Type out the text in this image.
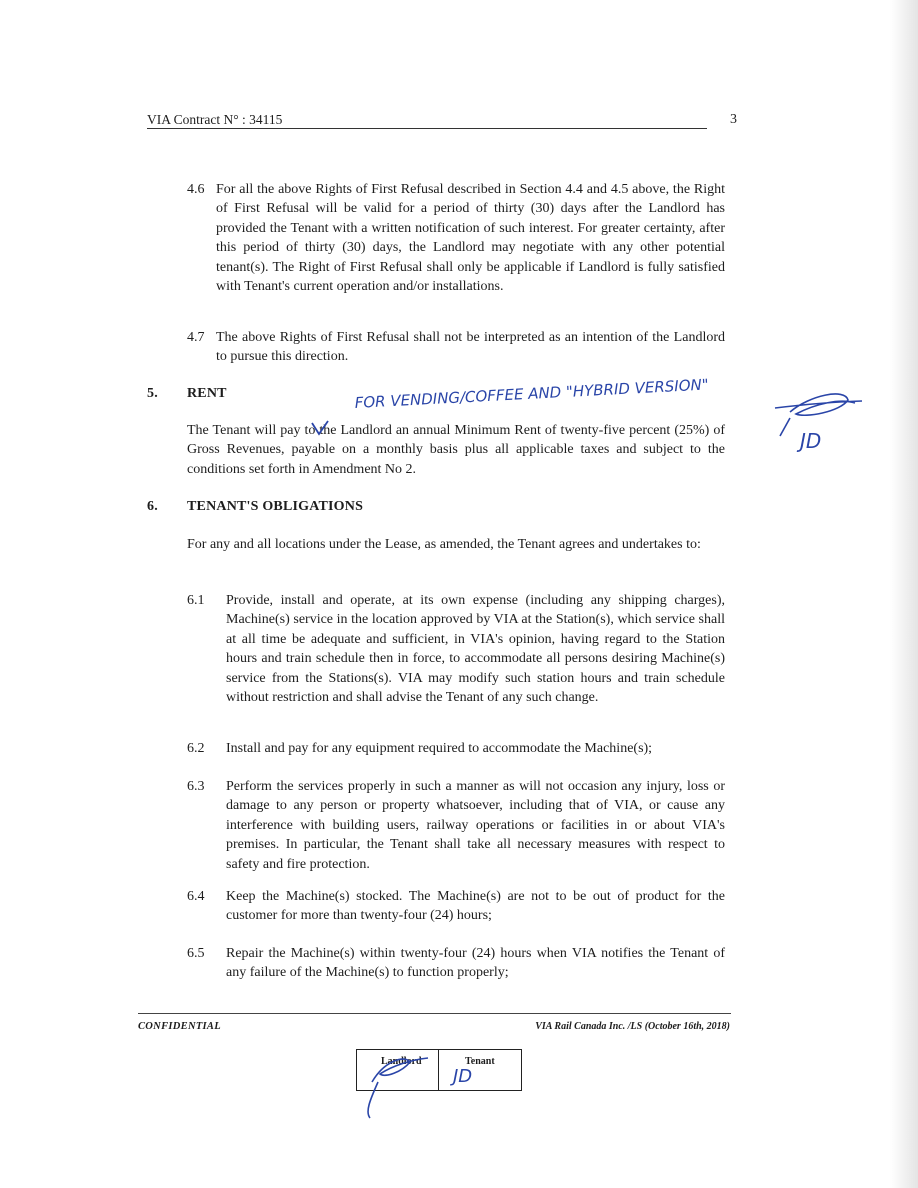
VIA Contract N° : 34115	3
4.6 For all the above Rights of First Refusal described in Section 4.4 and 4.5 above, the Right of First Refusal will be valid for a period of thirty (30) days after the Landlord has provided the Tenant with a written notification of such interest. For greater certainty, after this period of thirty (30) days, the Landlord may negotiate with any other potential tenant(s). The Right of First Refusal shall only be applicable if Landlord is fully satisfied with Tenant's current operation and/or installations.
4.7 The above Rights of First Refusal shall not be interpreted as an intention of the Landlord to pursue this direction.
5. RENT
The Tenant will pay to the Landlord an annual Minimum Rent of twenty-five percent (25%) of Gross Revenues, payable on a monthly basis plus all applicable taxes and subject to the conditions set forth in Amendment No 2.
6. TENANT'S OBLIGATIONS
For any and all locations under the Lease, as amended, the Tenant agrees and undertakes to:
6.1 Provide, install and operate, at its own expense (including any shipping charges), Machine(s) service in the location approved by VIA at the Station(s), which service shall at all time be adequate and sufficient, in VIA's opinion, having regard to the Station hours and train schedule then in force, to accommodate all persons desiring Machine(s) service from the Stations(s). VIA may modify such station hours and train schedule without restriction and shall advise the Tenant of any such change.
6.2 Install and pay for any equipment required to accommodate the Machine(s);
6.3 Perform the services properly in such a manner as will not occasion any injury, loss or damage to any person or property whatsoever, including that of VIA, or cause any interference with building users, railway operations or facilities in or about VIA's premises. In particular, the Tenant shall take all necessary measures with respect to safety and fire protection.
6.4 Keep the Machine(s) stocked. The Machine(s) are not to be out of product for the customer for more than twenty-four (24) hours;
6.5 Repair the Machine(s) within twenty-four (24) hours when VIA notifies the Tenant of any failure of the Machine(s) to function properly;
CONFIDENTIAL	VIA Rail Canada Inc. /LS (October 16th, 2018)
Landlord	Tenant
FOR VENDING/COFFEE AND "HYBRID VERSION"
JD
JD
